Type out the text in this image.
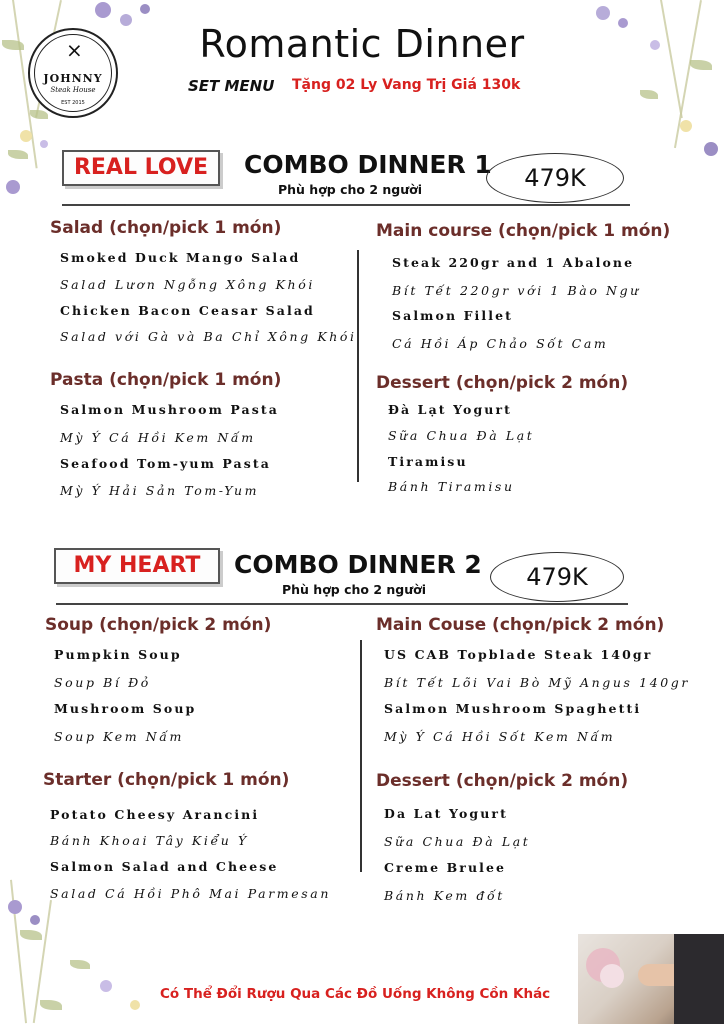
⨯
JOHNNY
Steak House
EST 2015
Romantic Dinner
SET MENU Tặng 02 Ly Vang Trị Giá 130k
REAL LOVE	COMBO DINNER 1
Phù hợp cho 2 người	479K
Salad (chọn/pick 1 món)
Smoked Duck Mango Salad
Salad Lươn Ngỗng Xông Khói
Chicken Bacon Ceasar Salad
Salad với Gà và Ba Chỉ Xông Khói
Pasta (chọn/pick 1 món)
Salmon Mushroom Pasta
Mỳ Ý Cá Hồi Kem Nấm
Seafood Tom-yum Pasta
Mỳ Ý Hải Sản Tom-Yum
Main course (chọn/pick 1 món)
Steak 220gr and 1 Abalone
Bít Tết 220gr với 1 Bào Ngư
Salmon Fillet
Cá Hồi Áp Chảo Sốt Cam
Dessert (chọn/pick 2 món)
Đà Lạt Yogurt
Sữa Chua Đà Lạt
Tiramisu
Bánh Tiramisu
MY HEART	COMBO DINNER 2
Phù hợp cho 2 người	479K
Soup (chọn/pick 2 món)
Pumpkin Soup
Soup Bí Đỏ
Mushroom Soup
Soup Kem Nấm
Starter (chọn/pick 1 món)
Potato Cheesy Arancini
Bánh Khoai Tây Kiểu Ý
Salmon Salad and Cheese
Salad Cá Hồi Phô Mai Parmesan
Main Couse (chọn/pick 2 món)
US CAB Topblade Steak 140gr
Bít Tết Lõi Vai Bò Mỹ Angus 140gr
Salmon Mushroom Spaghetti
Mỳ Ý Cá Hồi Sốt Kem Nấm
Dessert (chọn/pick 2 món)
Da Lat Yogurt
Sữa Chua Đà Lạt
Creme Brulee
Bánh Kem đốt
Có Thể Đổi Rượu Qua Các Đồ Uống Không Cồn Khác
